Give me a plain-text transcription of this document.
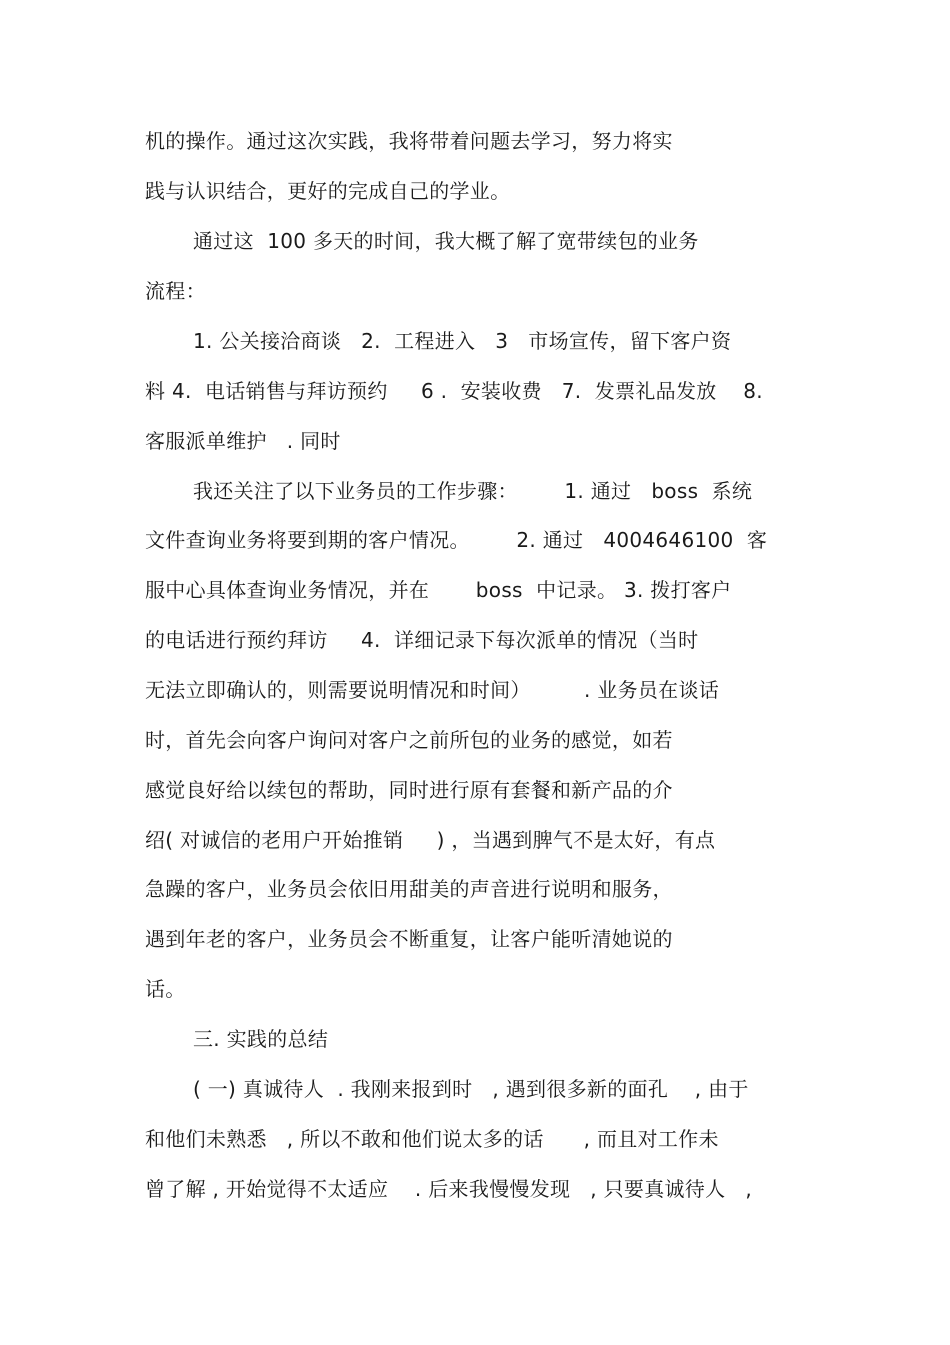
机的操作。通过这次实践，我将带着问题去学习，努力将实
践与认识结合，更好的完成自己的学业。
通过这  100 多天的时间，我大概了解了宽带续包的业务
流程：
1. 公关接洽商谈   2.  工程进入   3   市场宣传，留下客户资
料 4.  电话销售与拜访预约     6 .  安装收费   7.  发票礼品发放    8.
客服派单维护   . 同时
我还关注了以下业务员的工作步骤：       1. 通过   boss  系统
文件查询业务将要到期的客户情况。       2. 通过   4004646100  客
服中心具体查询业务情况，并在       boss  中记录。 3. 拨打客户
的电话进行预约拜访     4.  详细记录下每次派单的情况（当时
无法立即确认的，则需要说明情况和时间）        . 业务员在谈话
时，首先会向客户询问对客户之前所包的业务的感觉，如若
感觉良好给以续包的帮助，同时进行原有套餐和新产品的介
绍( 对诚信的老用户开始推销     ) ，当遇到脾气不是太好，有点
急躁的客户，业务员会依旧用甜美的声音进行说明和服务，
遇到年老的客户，业务员会不断重复，让客户能听清她说的
话。
三. 实践的总结
( 一) 真诚待人  . 我刚来报到时   , 遇到很多新的面孔    , 由于
和他们未熟悉   , 所以不敢和他们说太多的话      , 而且对工作未
曾了解 , 开始觉得不太适应    . 后来我慢慢发现   , 只要真诚待人   ,
